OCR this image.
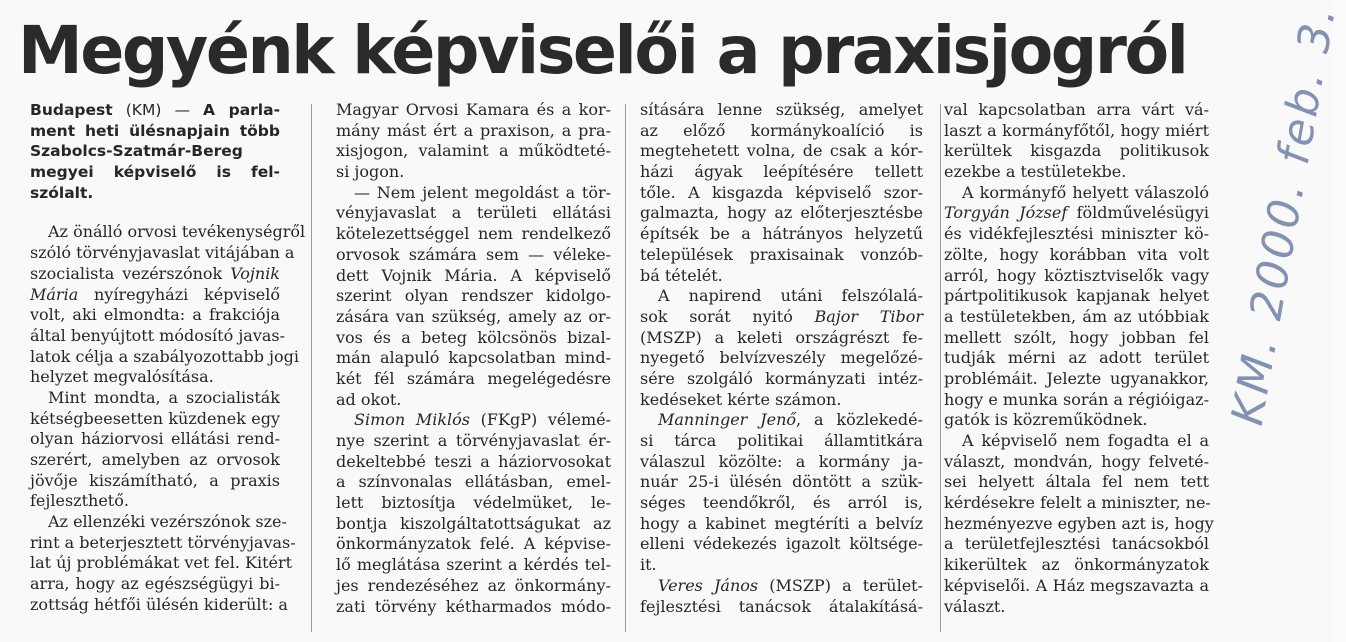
Megyénk képviselői a praxisjogról
Budapest (KM) — A parla-
ment heti ülésnapjain több
Szabolcs-Szatmár-Bereg
megyei képviselő is fel-
szólalt.
Az önálló orvosi tevékenységről
szóló törvényjavaslat vitájában a
szocialista vezérszónok Vojnik
Mária nyíregyházi képviselő
volt, aki elmondta: a frakciója
által benyújtott módosító javas-
latok célja a szabályozottabb jogi
helyzet megvalósítása.
Mint mondta, a szocialisták
kétségbeesetten küzdenek egy
olyan háziorvosi ellátási rend-
szerért, amelyben az orvosok
jövője kiszámítható, a praxis
fejleszthető.
Az ellenzéki vezérszónok sze-
rint a beterjesztett törvényjavas-
lat új problémákat vet fel. Kitért
arra, hogy az egészségügyi bi-
zottság hétfői ülésén kiderült: a
Magyar Orvosi Kamara és a kor-
mány mást ért a praxison, a pra-
xisjogon, valamint a működteté-
si jogon.
— Nem jelent megoldást a tör-
vényjavaslat a területi ellátási
kötelezettséggel nem rendelkező
orvosok számára sem — véleke-
dett Vojnik Mária. A képviselő
szerint olyan rendszer kidolgo-
zására van szükség, amely az or-
vos és a beteg kölcsönös bizal-
mán alapuló kapcsolatban mind-
két fél számára megelégedésre
ad okot.
Simon Miklós (FKgP) vélemé-
nye szerint a törvényjavaslat ér-
dekeltebbé teszi a háziorvosokat
a színvonalas ellátásban, emel-
lett biztosítja védelmüket, le-
bontja kiszolgáltatottságukat az
önkormányzatok felé. A képvise-
lő meglátása szerint a kérdés tel-
jes rendezéséhez az önkormány-
zati törvény kétharmados módo-
sítására lenne szükség, amelyet
az előző kormánykoalíció is
megtehetett volna, de csak a kór-
házi ágyak leépítésére tellett
tőle. A kisgazda képviselő szor-
galmazta, hogy az előterjesztésbe
építsék be a hátrányos helyzetű
települések praxisainak vonzób-
bá tételét.
A napirend utáni felszólalá-
sok sorát nyitó Bajor Tibor
(MSZP) a keleti országrészt fe-
nyegető belvízveszély megelőzé-
sére szolgáló kormányzati intéz-
kedéseket kérte számon.
Manninger Jenő, a közlekedé-
si tárca politikai államtitkára
válaszul közölte: a kormány ja-
nuár 25-i ülésén döntött a szük-
séges teendőkről, és arról is,
hogy a kabinet megtéríti a belvíz
elleni védekezés igazolt költsége-
it.
Veres János (MSZP) a terület-
fejlesztési tanácsok átalakításá-
val kapcsolatban arra várt vá-
laszt a kormányfőtől, hogy miért
kerültek kisgazda politikusok
ezekbe a testületekbe.
A kormányfő helyett válaszoló
Torgyán József földművelésügyi
és vidékfejlesztési miniszter kö-
zölte, hogy korábban vita volt
arról, hogy köztisztviselők vagy
pártpolitikusok kapjanak helyet
a testületekben, ám az utóbbiak
mellett szólt, hogy jobban fel
tudják mérni az adott terület
problémáit. Jelezte ugyanakkor,
hogy e munka során a régióigaz-
gatók is közreműködnek.
A képviselő nem fogadta el a
választ, mondván, hogy felveté-
sei helyett általa fel nem tett
kérdésekre felelt a miniszter, ne-
hezményezve egyben azt is, hogy
a területfejlesztési tanácsokból
kikerültek az önkormányzatok
képviselői. A Ház megszavazta a
választ.
KM. 2000. feb. 3.
